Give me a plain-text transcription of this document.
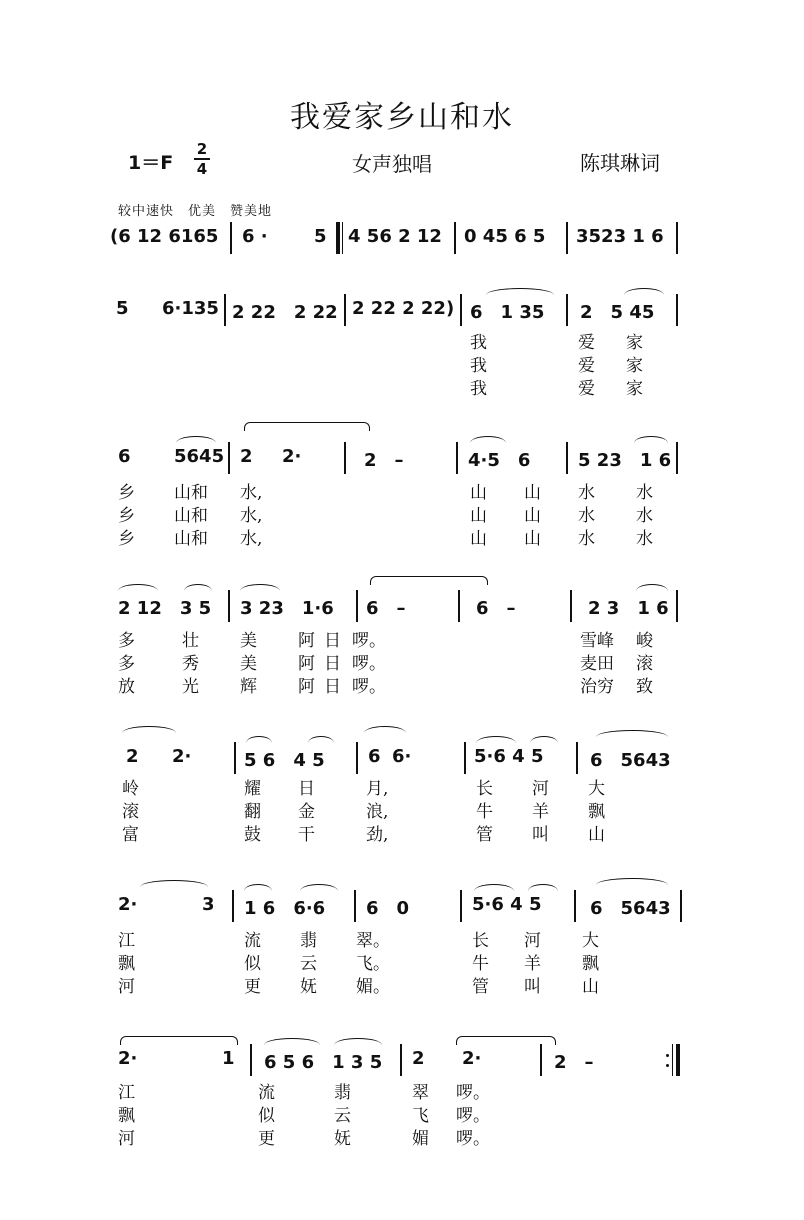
我爱家乡山和水
1＝F
2
4	女声独唱	陈琪琳词
较中速快　优美　赞美地
(6 12 6165 6 ·	5 4 56 2 12 0 45 6 5 3523 1 6
5 6·135 2 22　2 22 2 22 2 22) 6　1 35 2　5 45
我	爱 家
我	爱 家
我	爱 家
6 5645 2 2·	2　–	4·5　6	5 23　1 6
乡 山和 水,	山 山 水 水
乡 山和 水,	山 山 水 水
乡 山和 水,	山 山 水 水
2 12　3 5 3 23　1·6 6　–	6　–	2 3　1 6
多	壮 美 阿 日 啰。	雪峰 峻
多	秀 美 阿 日 啰。	麦田 滚
放	光 辉 阿 日 啰。	治穷 致
2 2·	5 6　4 5 6 6·	5·6 4 5	6　5643
岭	耀 日	月,	长 河 大
滚	翻 金	浪,	牛 羊 飘
富	鼓 干	劲,	管 叫 山
2·	3 1 6　6·6 6　0	5·6 4 5	6　5643
江	流 翡 翠。	长 河 大
飘	似 云 飞。	牛 羊 飘
河	更 妩 媚。	管 叫 山
2·	1 6 5 6　1 3 5 2 2·	2　–
江	流	翡	翠 啰。
飘	似	云	飞 啰。
河	更	妩	媚 啰。
